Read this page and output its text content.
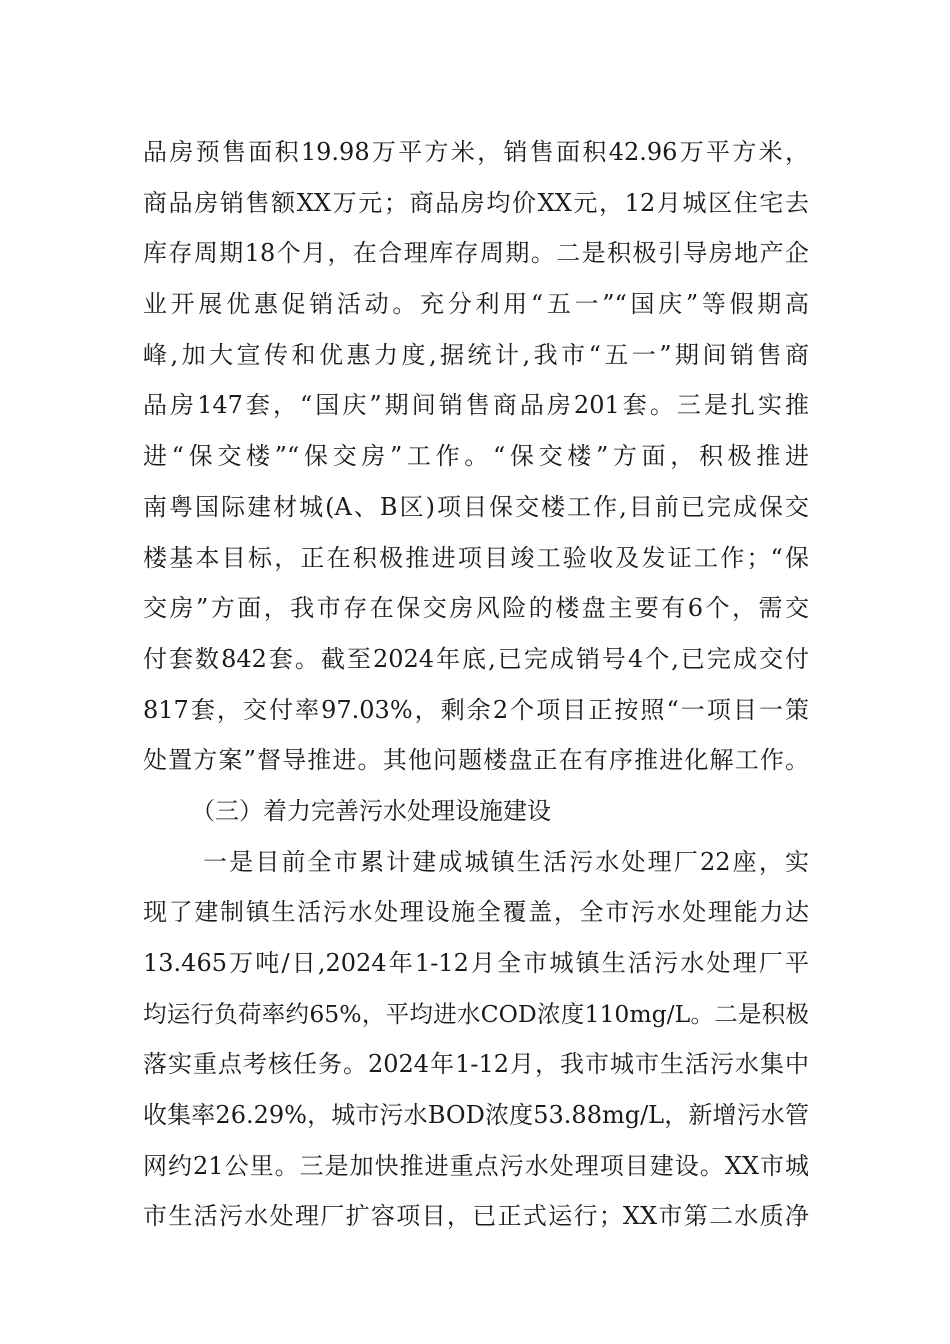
品房预售面积19.98万平方米，销售面积42.96万平方米，
商品房销售额XX万元；商品房均价XX元，12月城区住宅去
库存周期18个月，在合理库存周期。二是积极引导房地产企
业开展优惠促销活动。充分利用“五一”“国庆”等假期高
峰,加大宣传和优惠力度,据统计,我市“五一”期间销售商
品房147套，“国庆”期间销售商品房201套。三是扎实推
进“保交楼”“保交房”工作。“保交楼”方面，积极推进
南粤国际建材城(A、B区)项目保交楼工作,目前已完成保交
楼基本目标，正在积极推进项目竣工验收及发证工作；“保
交房”方面，我市存在保交房风险的楼盘主要有6个，需交
付套数842套。截至2024年底,已完成销号4个,已完成交付
817套，交付率97.03%，剩余2个项目正按照“一项目一策
处置方案”督导推进。其他问题楼盘正在有序推进化解工作。
（三）着力完善污水处理设施建设
一是目前全市累计建成城镇生活污水处理厂22座，实
现了建制镇生活污水处理设施全覆盖，全市污水处理能力达
13.465万吨/日,2024年1-12月全市城镇生活污水处理厂平
均运行负荷率约65%，平均进水COD浓度110mg/L。二是积极
落实重点考核任务。2024年1-12月，我市城市生活污水集中
收集率26.29%，城市污水BOD浓度53.88mg/L，新增污水管
网约21公里。三是加快推进重点污水处理项目建设。XX市城
市生活污水处理厂扩容项目，已正式运行；XX市第二水质净
